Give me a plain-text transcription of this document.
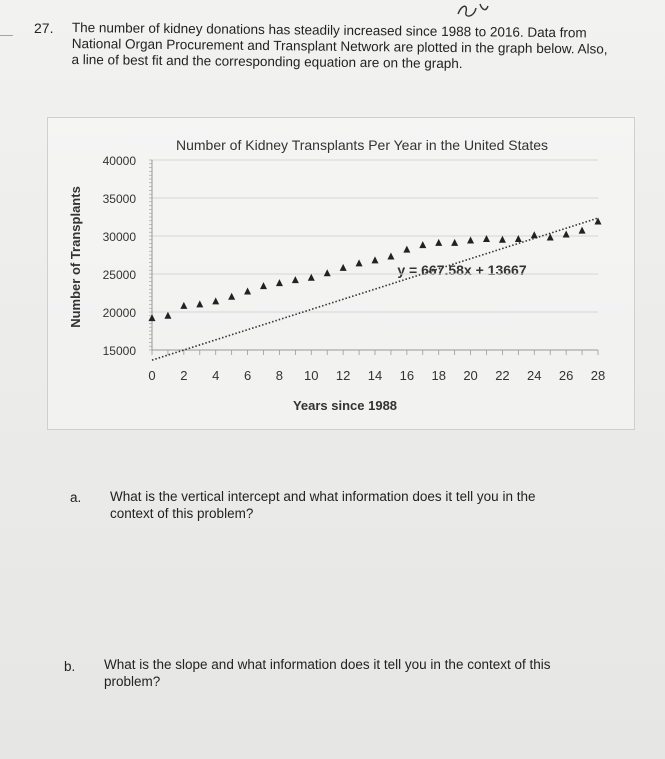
— 27. The number of kidney donations has steadily increased since 1988 to 2016. Data from National Organ Procurement and Transplant Network are plotted in the graph below. Also, a line of best fit and the corresponding equation are on the graph.
Number of Kidney Transplants Per Year in the United States
Number of Transplants
Years since 1988
y = 667.58x + 13667
15000
20000
25000
30000
35000
40000
0 2 4 6 8 10 12 14 16 18 20 22 24 26 28
a. What is the vertical intercept and what information does it tell you in the context of this problem?
b. What is the slope and what information does it tell you in the context of this problem?
